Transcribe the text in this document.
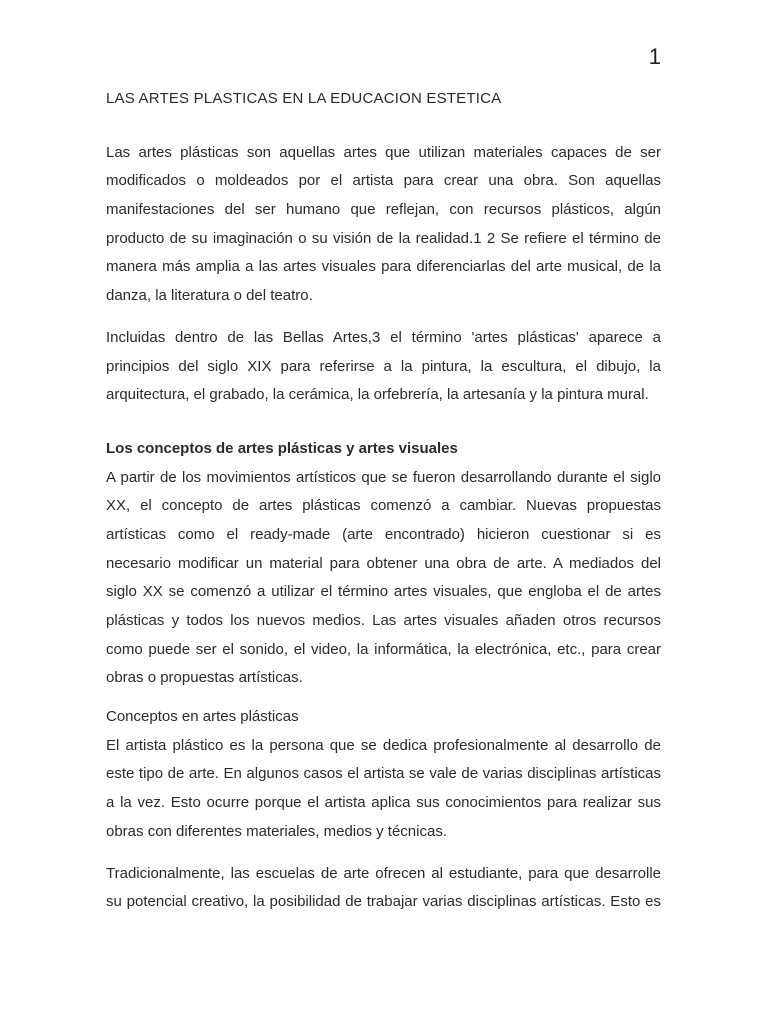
1
LAS ARTES PLASTICAS EN LA EDUCACION ESTETICA
Las artes plásticas son aquellas artes que utilizan materiales capaces de ser
modificados o moldeados por el artista para crear una obra. Son aquellas
manifestaciones del ser humano que reflejan, con recursos plásticos, algún
producto de su imaginación o su visión de la realidad.1 2 Se refiere el término de
manera más amplia a las artes visuales para diferenciarlas del arte musical, de la
danza, la literatura o del teatro.
Incluidas dentro de las Bellas Artes,3 el término 'artes plásticas' aparece a
principios del siglo XIX para referirse a la pintura, la escultura, el dibujo, la
arquitectura, el grabado, la cerámica, la orfebrería, la artesanía y la pintura mural.
Los conceptos de artes plásticas y artes visuales
A partir de los movimientos artísticos que se fueron desarrollando durante el siglo
XX, el concepto de artes plásticas comenzó a cambiar. Nuevas propuestas
artísticas como el ready-made (arte encontrado) hicieron cuestionar si es
necesario modificar un material para obtener una obra de arte. A mediados del
siglo XX se comenzó a utilizar el término artes visuales, que engloba el de artes
plásticas y todos los nuevos medios. Las artes visuales añaden otros recursos
como puede ser el sonido, el video, la informática, la electrónica, etc., para crear
obras o propuestas artísticas.
Conceptos en artes plásticas
El artista plástico es la persona que se dedica profesionalmente al desarrollo de
este tipo de arte. En algunos casos el artista se vale de varias disciplinas artísticas
a la vez. Esto ocurre porque el artista aplica sus conocimientos para realizar sus
obras con diferentes materiales, medios y técnicas.
Tradicionalmente, las escuelas de arte ofrecen al estudiante, para que desarrolle
su potencial creativo, la posibilidad de trabajar varias disciplinas artísticas. Esto es
